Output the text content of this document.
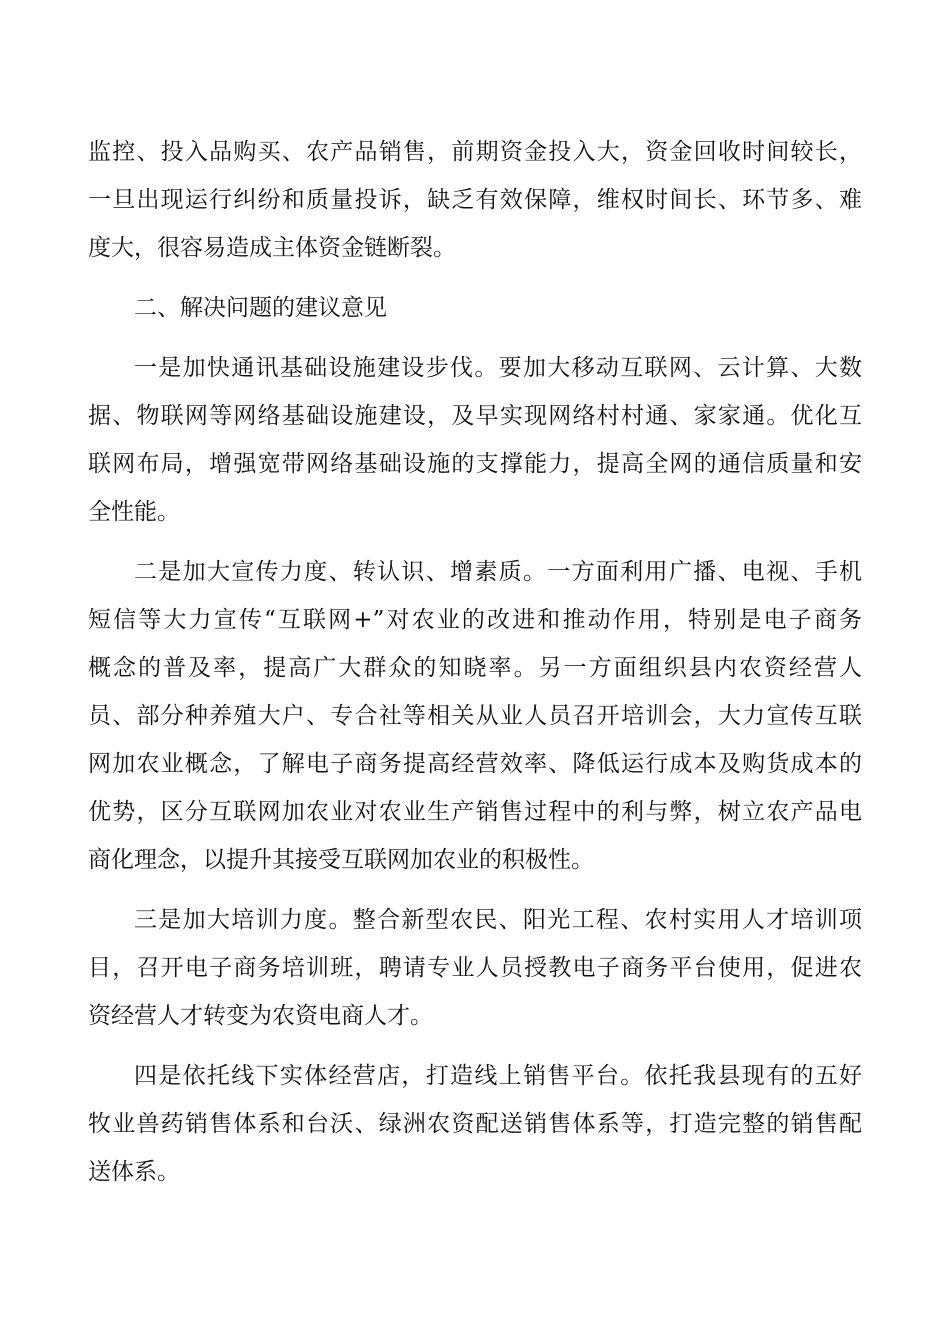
监控、投入品购买、农产品销售，前期资金投入大，资金回收时间较长，
一旦出现运行纠纷和质量投诉，缺乏有效保障，维权时间长、环节多、难
度大，很容易造成主体资金链断裂。
二、解决问题的建议意见
一是加快通讯基础设施建设步伐。要加大移动互联网、云计算、大数
据、物联网等网络基础设施建设，及早实现网络村村通、家家通。优化互
联网布局，增强宽带网络基础设施的支撑能力，提高全网的通信质量和安
全性能。
二是加大宣传力度、转认识、增素质。一方面利用广播、电视、手机
短信等大力宣传“互联网+”对农业的改进和推动作用，特别是电子商务
概念的普及率，提高广大群众的知晓率。另一方面组织县内农资经营人
员、部分种养殖大户、专合社等相关从业人员召开培训会，大力宣传互联
网加农业概念，了解电子商务提高经营效率、降低运行成本及购货成本的
优势，区分互联网加农业对农业生产销售过程中的利与弊，树立农产品电
商化理念，以提升其接受互联网加农业的积极性。
三是加大培训力度。整合新型农民、阳光工程、农村实用人才培训项
目，召开电子商务培训班，聘请专业人员授教电子商务平台使用，促进农
资经营人才转变为农资电商人才。
四是依托线下实体经营店，打造线上销售平台。依托我县现有的五好
牧业兽药销售体系和台沃、绿洲农资配送销售体系等，打造完整的销售配
送体系。
